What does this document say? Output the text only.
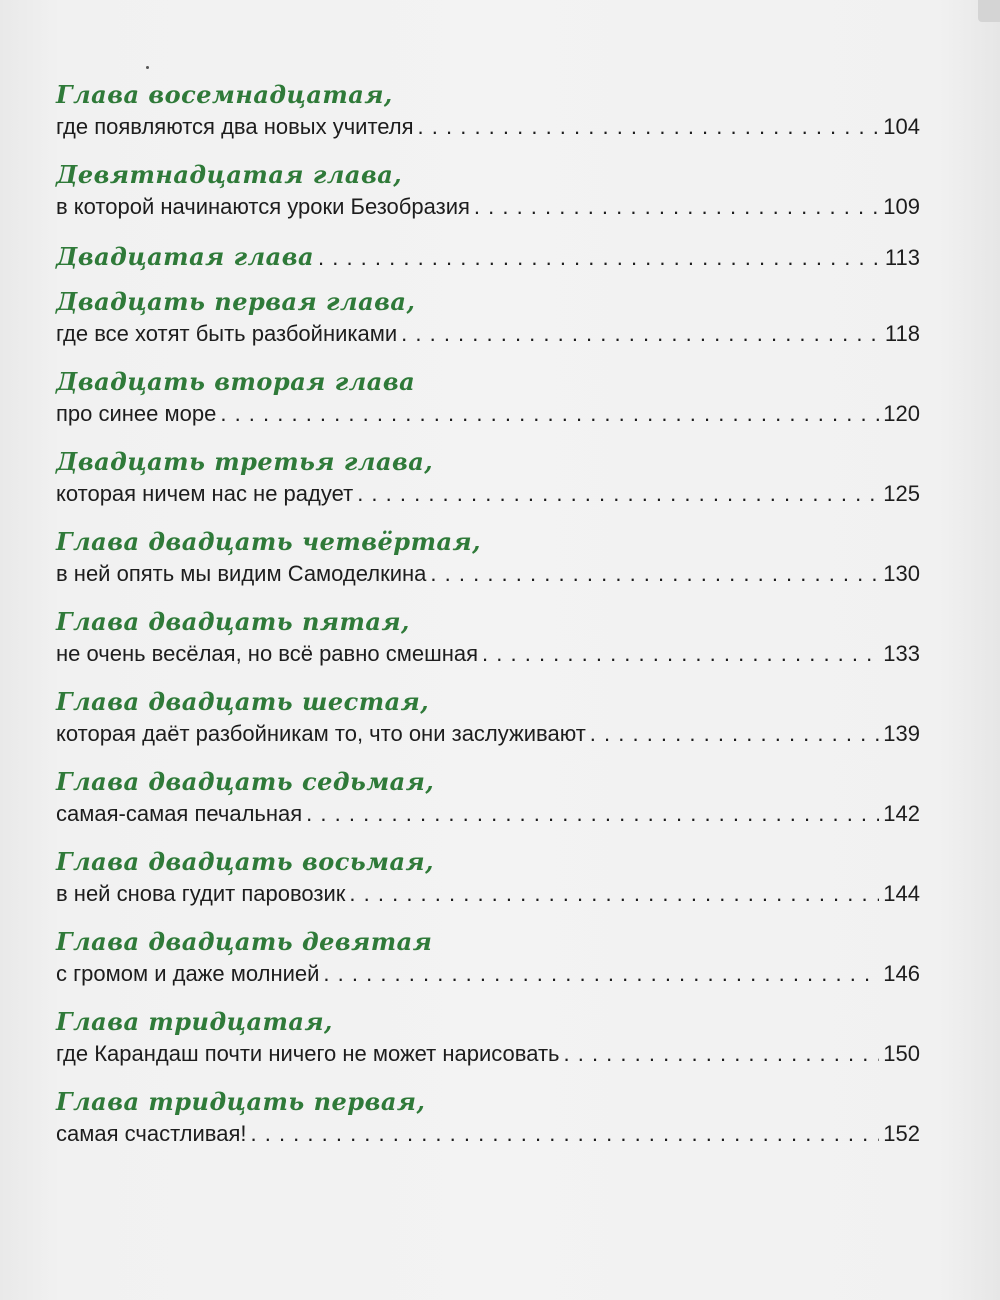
Глава восемнадцатая,
где появляются два новых учителя . . .	104
Девятнадцатая глава,
в которой начинаются уроки Безобразия . . .	109
Двадцатая глава . . .	113
Двадцать первая глава,
где все хотят быть разбойниками . . .	118
Двадцать вторая глава
про синее море . . .	120
Двадцать третья глава,
которая ничем нас не радует . . .	125
Глава двадцать четвёртая,
в ней опять мы видим Самоделкина . . .	130
Глава двадцать пятая,
не очень весёлая, но всё равно смешная . . .	133
Глава двадцать шестая,
которая даёт разбойникам то, что они заслуживают . . .	139
Глава двадцать седьмая,
самая-самая печальная . . .	142
Глава двадцать восьмая,
в ней снова гудит паровозик . . .	144
Глава двадцать девятая
с громом и даже молнией . . .	146
Глава тридцатая,
где Карандаш почти ничего не может нарисовать . . .	150
Глава тридцать первая,
самая счастливая! . . .	152
